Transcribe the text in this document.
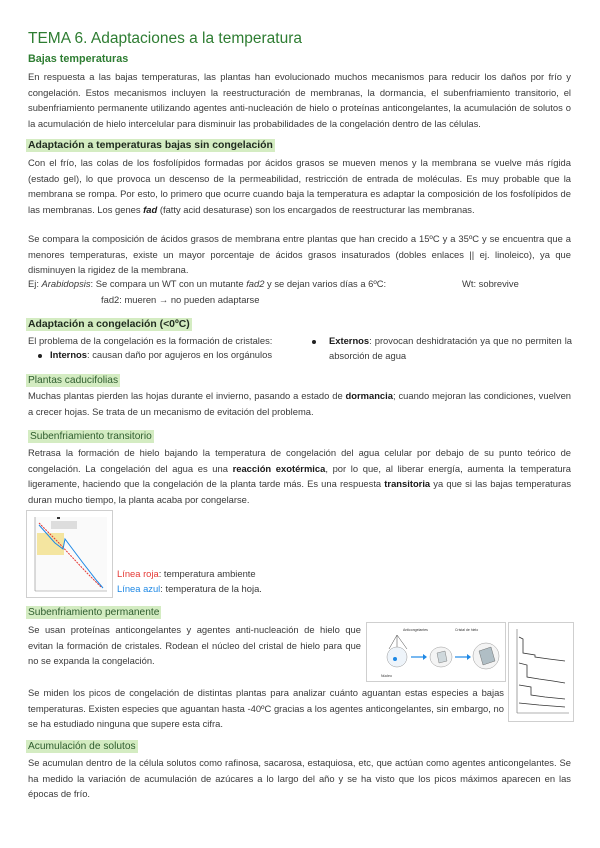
TEMA 6. Adaptaciones a la temperatura
Bajas temperaturas
En respuesta a las bajas temperaturas, las plantas han evolucionado muchos mecanismos para reducir los daños por frío y congelación. Estos mecanismos incluyen la reestructuración de membranas, la dormancia, el subenfriamiento transitorio, el subenfriamiento permanente utilizando agentes anti-nucleación de hielo o proteínas anticongelantes, la acumulación de solutos o la acumulación de hielo intercelular para disminuir las probabilidades de la congelación dentro de las células.
Adaptación a temperaturas bajas sin congelación
Con el frío, las colas de los fosfolípidos formadas por ácidos grasos se mueven menos y la membrana se vuelve más rígida (estado gel), lo que provoca un descenso de la permeabilidad, restricción de entrada de moléculas. Es muy probable que la membrana se rompa. Por esto, lo primero que ocurre cuando baja la temperatura es adaptar la composición de los fosfolípidos de las membranas. Los genes fad (fatty acid desaturase) son los encargados de reestructurar las membranas.
Se compara la composición de ácidos grasos de membrana entre plantas que han crecido a 15ºC y a 35ºC y se encuentra que a menores temperaturas, existe un mayor porcentaje de ácidos grasos insaturados (dobles enlaces || ej. linoleico), ya que disminuyen la rigidez de la membrana.
Ej: Arabidopsis: Se compara un WT con un mutante fad2 y se dejan varios días a 6ºC:	Wt: sobrevive
fad2: mueren → no pueden adaptarse
Adaptación a congelación (<0ºC)
El problema de la congelación es la formación de cristales:
Internos: causan daño por agujeros en los orgánulos
Externos: provocan deshidratación ya que no permiten la absorción de agua
Plantas caducifolias
Muchas plantas pierden las hojas durante el invierno, pasando a estado de dormancia; cuando mejoran las condiciones, vuelven a crecer hojas. Se trata de un mecanismo de evitación del problema.
Subenfriamiento transitorio
Retrasa la formación de hielo bajando la temperatura de congelación del agua celular por debajo de su punto teórico de congelación. La congelación del agua es una reacción exotérmica, por lo que, al liberar energía, aumenta la temperatura ligeramente, haciendo que la congelación de la planta tarde más. Es una respuesta transitoria ya que si las bajas temperaturas duran mucho tiempo, la planta acaba por congelarse.
Línea roja: temperatura ambiente
Línea azul: temperatura de la hoja.
Subenfriamiento permanente
Se usan proteínas anticongelantes y agentes anti-nucleación de hielo que evitan la formación de cristales. Rodean el núcleo del cristal de hielo para que no se expanda la congelación.
Anticongelantes	Cristal de hielo
Núcleo
Se miden los picos de congelación de distintas plantas para analizar cuánto aguantan estas especies a bajas temperaturas. Existen especies que aguantan hasta -40ºC gracias a los agentes anticongelantes, sin embargo, no se ha estudiado ninguna que supere esta cifra.
Acumulación de solutos
Se acumulan dentro de la célula solutos como rafinosa, sacarosa, estaquiosa, etc, que actúan como agentes anticongelantes. Se ha medido la variación de acumulación de azúcares a lo largo del año y se ha visto que los picos máximos aparecen en las épocas de frío.
